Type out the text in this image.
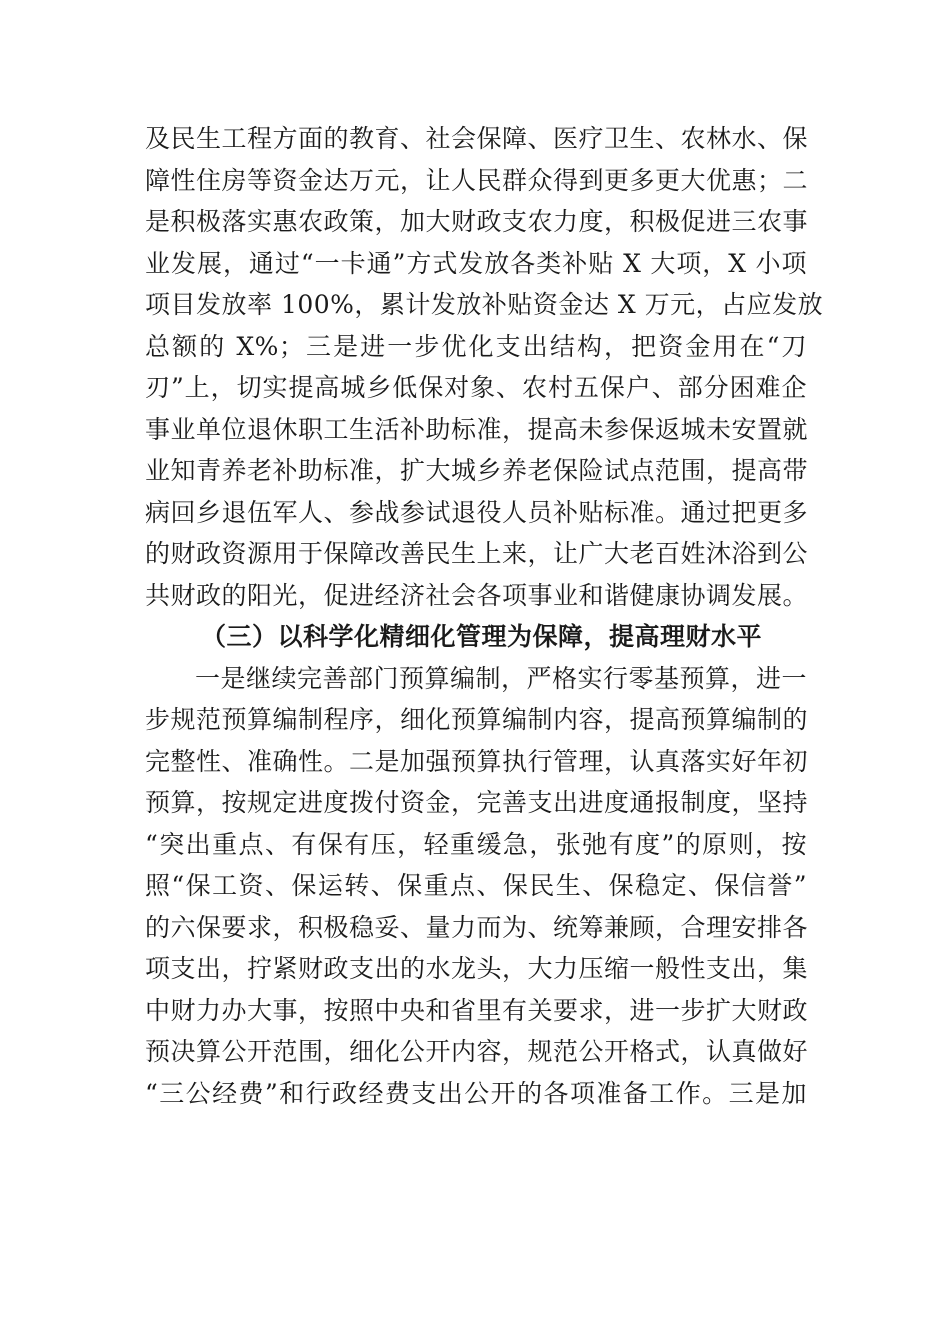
及民生工程方面的教育、社会保障、医疗卫生、农林水、保
障性住房等资金达万元，让人民群众得到更多更大优惠；二
是积极落实惠农政策，加大财政支农力度，积极促进三农事
业发展，通过“一卡通”方式发放各类补贴 X 大项，X 小项
项目发放率 100%，累计发放补贴资金达 X 万元，占应发放
总额的 X%；三是进一步优化支出结构，把资金用在“刀
刃”上，切实提高城乡低保对象、农村五保户、部分困难企
事业单位退休职工生活补助标准，提高未参保返城未安置就
业知青养老补助标准，扩大城乡养老保险试点范围，提高带
病回乡退伍军人、参战参试退役人员补贴标准。通过把更多
的财政资源用于保障改善民生上来，让广大老百姓沐浴到公
共财政的阳光，促进经济社会各项事业和谐健康协调发展。
（三）以科学化精细化管理为保障，提高理财水平
一是继续完善部门预算编制，严格实行零基预算，进一
步规范预算编制程序，细化预算编制内容，提高预算编制的
完整性、准确性。二是加强预算执行管理，认真落实好年初
预算，按规定进度拨付资金，完善支出进度通报制度，坚持
“突出重点、有保有压，轻重缓急，张弛有度”的原则，按
照“保工资、保运转、保重点、保民生、保稳定、保信誉”
的六保要求，积极稳妥、量力而为、统筹兼顾，合理安排各
项支出，拧紧财政支出的水龙头，大力压缩一般性支出，集
中财力办大事，按照中央和省里有关要求，进一步扩大财政
预决算公开范围，细化公开内容，规范公开格式，认真做好
“三公经费”和行政经费支出公开的各项准备工作。三是加
